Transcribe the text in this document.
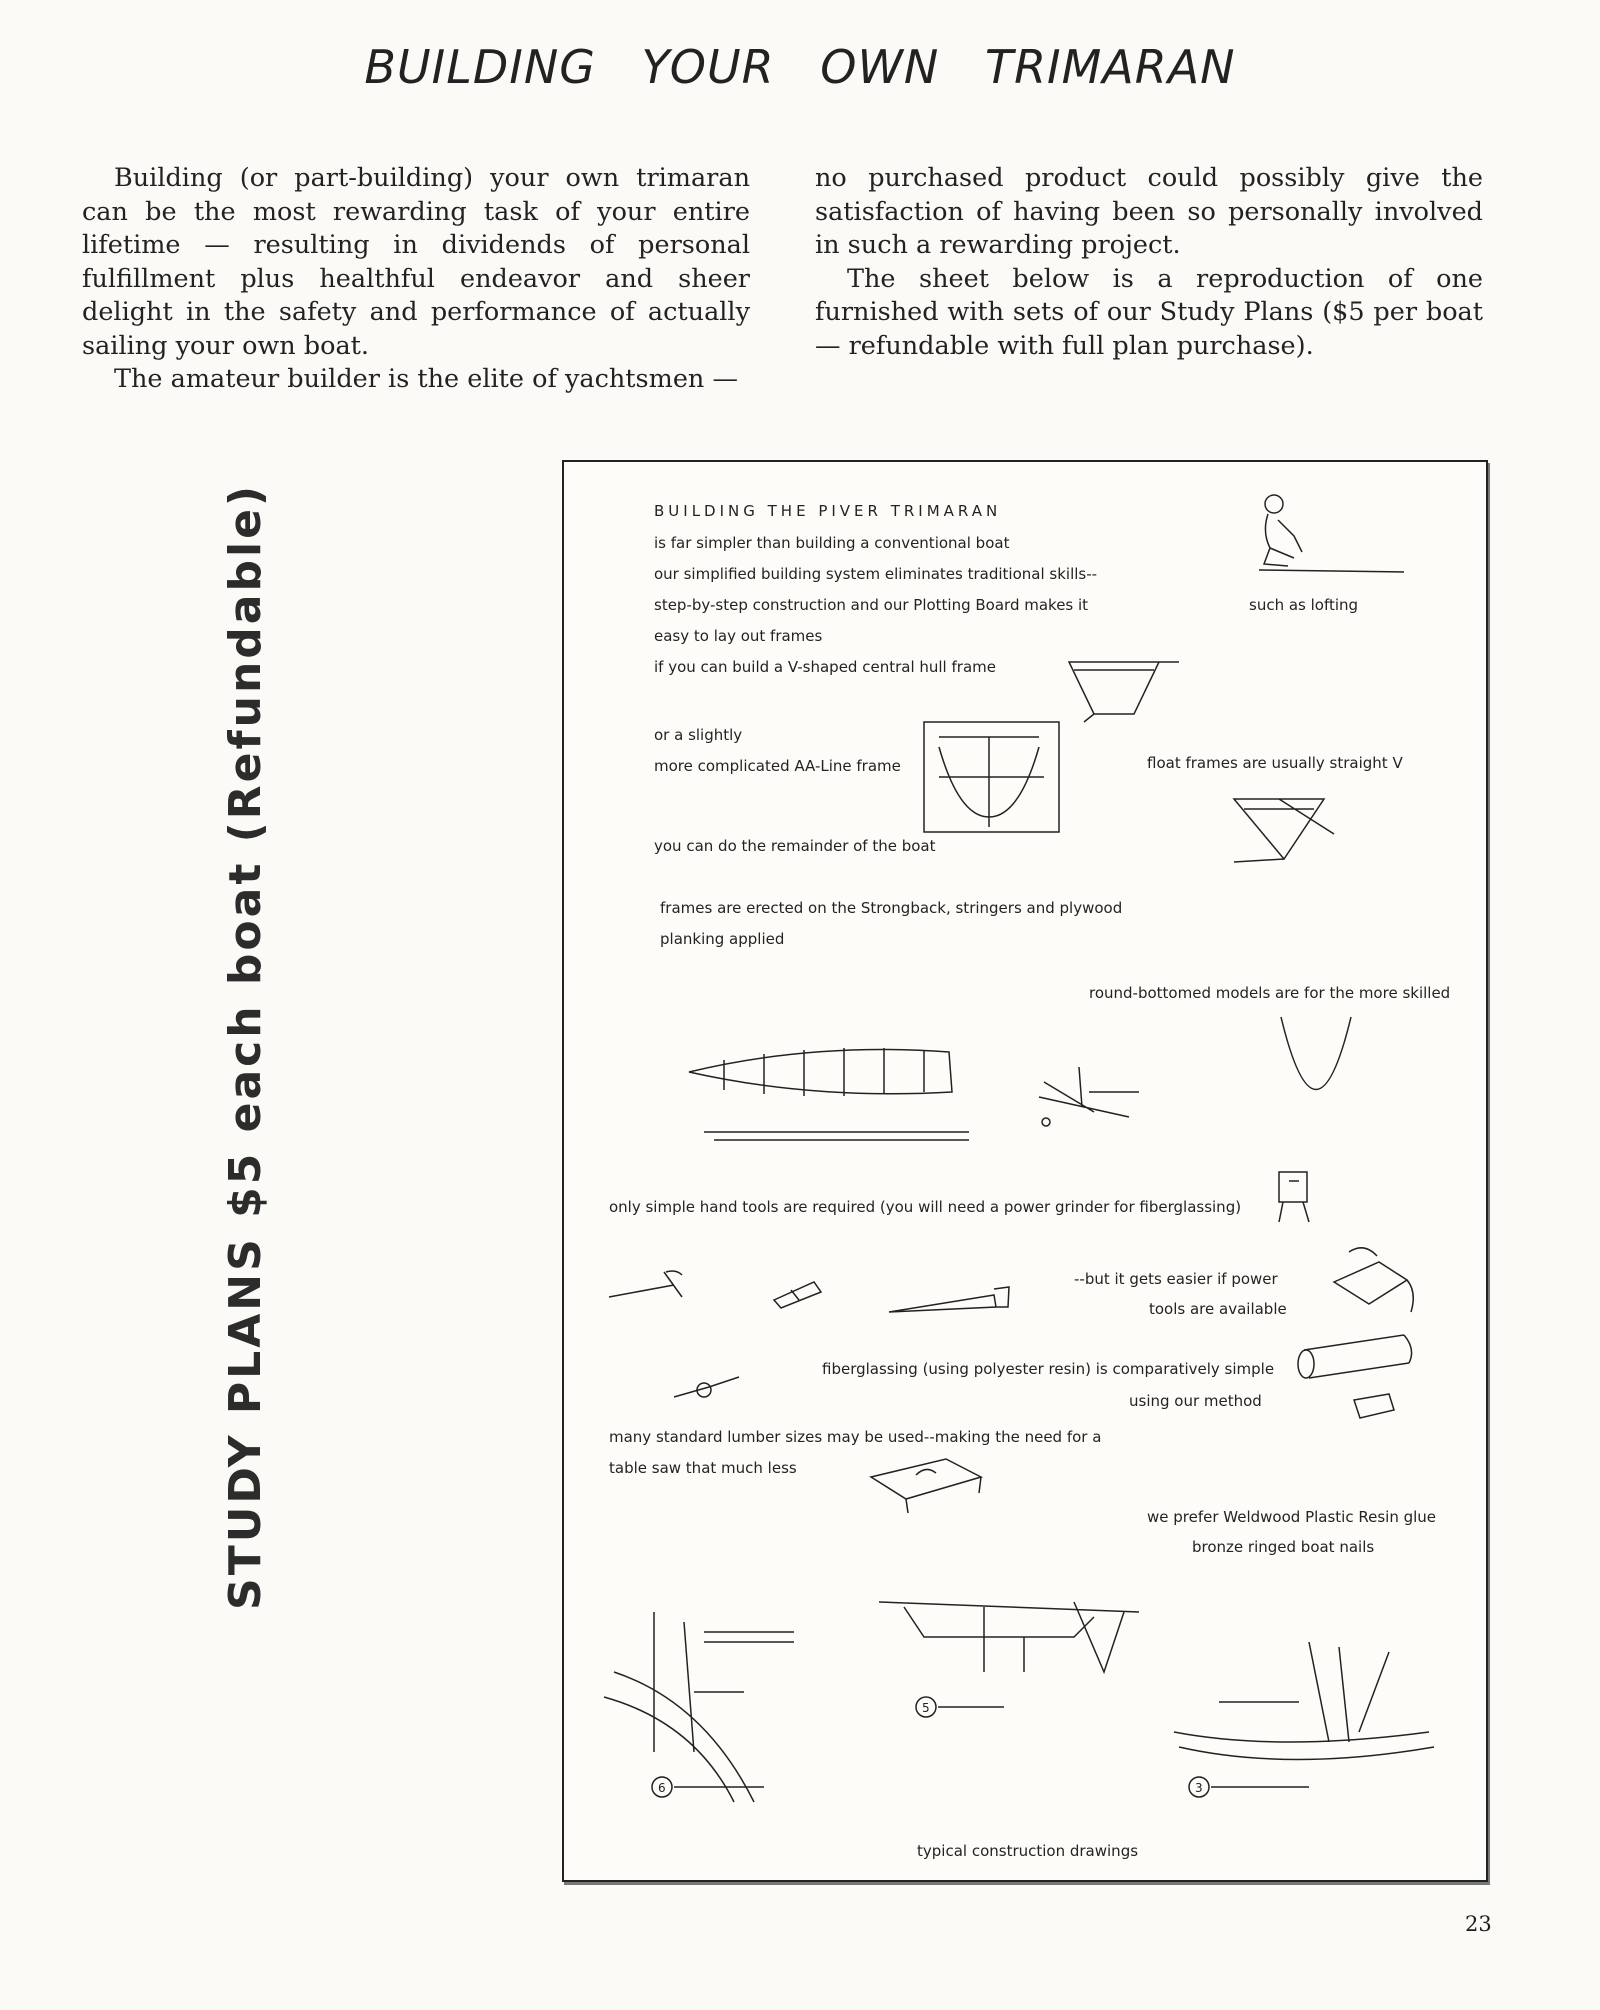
BUILDING YOUR OWN TRIMARAN

Building (or part-building) your own trimaran can be the most rewarding task of your entire lifetime — resulting in dividends of personal fulfillment plus healthful endeavor and sheer delight in the safety and performance of actually sailing your own boat.

The amateur builder is the elite of yachtsmen —

no purchased product could possibly give the satisfaction of having been so personally involved in such a rewarding project.

The sheet below is a reproduction of one furnished with sets of our Study Plans ($5 per boat — refundable with full plan purchase).

STUDY PLANS $5 each boat (Refundable)	BUILDING THE PIVER TRIMARAN
is far simpler than building a conventional boat
our simplified building system eliminates traditional skills--
step-by-step construction and our Plotting Board makes it	such as lofting
easy to lay out frames
if you can build a V-shaped central hull frame
or a slightly
more complicated AA-Line frame	float frames are usually straight V
you can do the remainder of the boat
frames are erected on the Strongback, stringers and plywood
planking applied
round-bottomed models are for the more skilled
only simple hand tools are required (you will need a power grinder for fiberglassing)
--but it gets easier if power
tools are available
fiberglassing (using polyester resin) is comparatively simple
using our method
many standard lumber sizes may be used--making the need for a
table saw that much less
we prefer Weldwood Plastic Resin glue
bronze ringed boat nails
typical construction drawings
6
5
3
23
